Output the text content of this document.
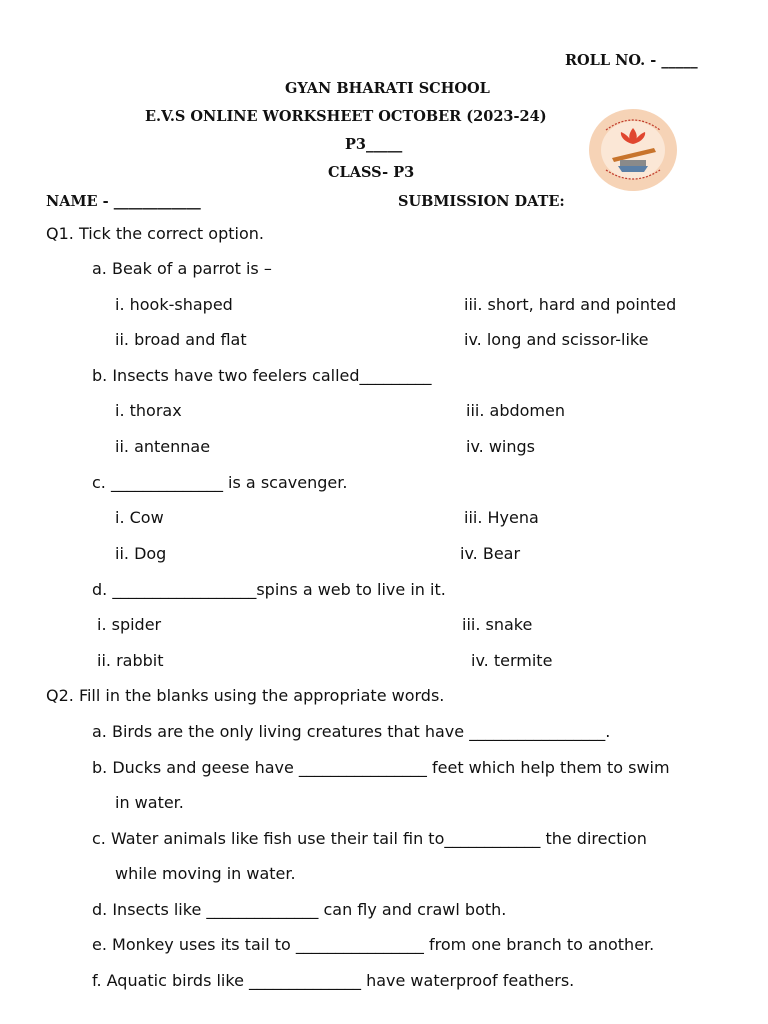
ROLL NO. - _____
GYAN BHARATI SCHOOL
E.V.S ONLINE WORKSHEET OCTOBER (2023-24)
P3_____
CLASS- P3
NAME - ____________	SUBMISSION DATE:
Q1. Tick the correct option.
a. Beak of a parrot is –
i. hook-shaped	iii. short, hard and pointed
ii. broad and flat	iv. long and scissor-like
b. Insects have two feelers called_________
i. thorax	iii. abdomen
ii. antennae	iv. wings
c. ______________ is a scavenger.
i. Cow	iii. Hyena
ii. Dog	iv. Bear
d. __________________spins a web to live in it.
i. spider	iii. snake
ii. rabbit	iv. termite
Q2. Fill in the blanks using the appropriate words.
a. Birds are the only living creatures that have _________________.
b. Ducks and geese have ________________ feet which help them to swim
in water.
c. Water animals like fish use their tail fin to____________ the direction
while moving in water.
d. Insects like ______________ can fly and crawl both.
e. Monkey uses its tail to ________________ from one branch to another.
f. Aquatic birds like ______________ have waterproof feathers.
